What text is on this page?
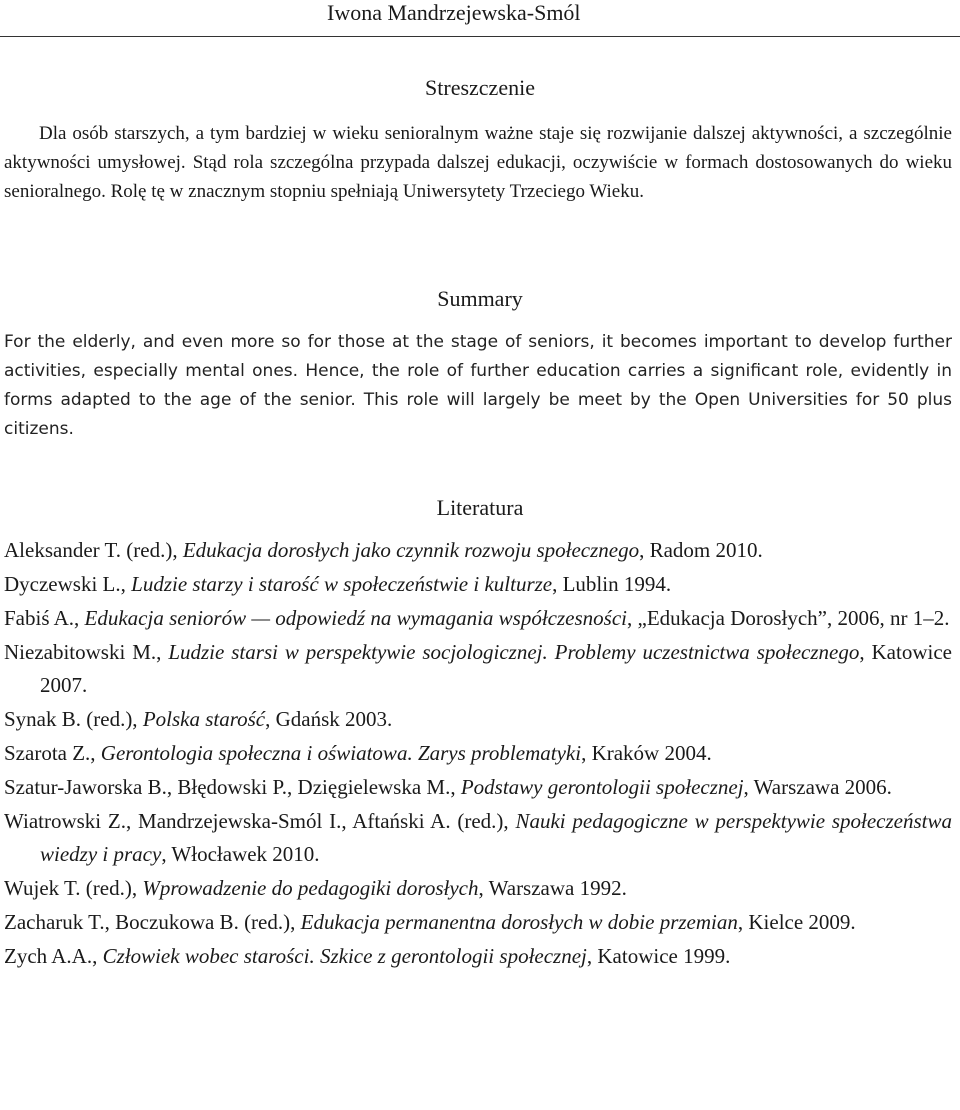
Iwona Mandrzejewska-Smól
Streszczenie

Dla osób starszych, a tym bardziej w wieku senioralnym ważne staje się rozwijanie dalszej aktywności, a szczególnie aktywności umysłowej. Stąd rola szczególna przypada dalszej edukacji, oczywiście w formach dostosowanych do wieku senioralnego. Rolę tę w znacznym stopniu spełniają Uniwersytety Trzeciego Wieku.

Summary

For the elderly, and even more so for those at the stage of seniors, it becomes important to develop further activities, especially mental ones. Hence, the role of further education carries a significant role, evidently in forms adapted to the age of the senior. This role will largely be meet by the Open Universities for 50 plus citizens.

Literatura
Aleksander T. (red.), Edukacja dorosłych jako czynnik rozwoju społecznego, Radom 2010.
Dyczewski L., Ludzie starzy i starość w społeczeństwie i kulturze, Lublin 1994.
Fabiś A., Edukacja seniorów — odpowiedź na wymagania współczesności, „Edukacja Dorosłych”, 2006, nr 1–2.
Niezabitowski M., Ludzie starsi w perspektywie socjologicznej. Problemy uczestnictwa społecznego, Katowice 2007.
Synak B. (red.), Polska starość, Gdańsk 2003.
Szarota Z., Gerontologia społeczna i oświatowa. Zarys problematyki, Kraków 2004.
Szatur-Jaworska B., Błędowski P., Dzięgielewska M., Podstawy gerontologii społecznej, Warszawa 2006.
Wiatrowski Z., Mandrzejewska-Smól I., Aftański A. (red.), Nauki pedagogiczne w perspektywie społeczeństwa wiedzy i pracy, Włocławek 2010.
Wujek T. (red.), Wprowadzenie do pedagogiki dorosłych, Warszawa 1992.
Zacharuk T., Boczukowa B. (red.), Edukacja permanentna dorosłych w dobie przemian, Kielce 2009.
Zych A.A., Człowiek wobec starości. Szkice z gerontologii społecznej, Katowice 1999.
